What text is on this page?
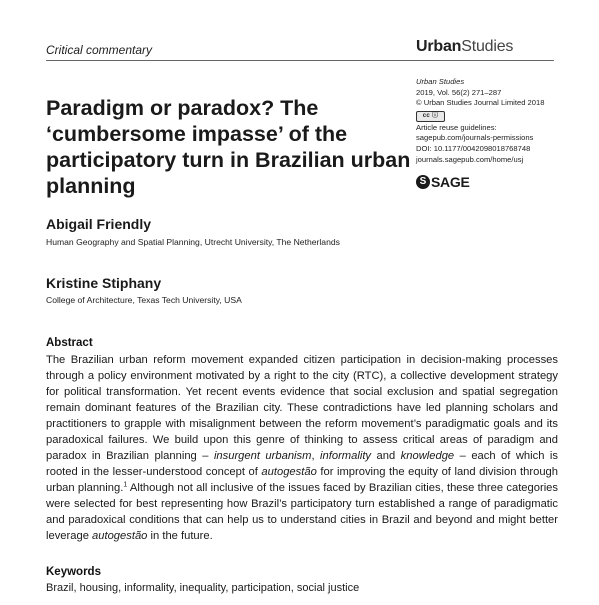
Critical commentary	UrbanStudies
Paradigm or paradox? The ‘cumbersome impasse’ of the participatory turn in Brazilian urban planning
Urban Studies
2019, Vol. 56(2) 271–287
© Urban Studies Journal Limited 2018
cc ⓘ
Article reuse guidelines:
sagepub.com/journals-permissions
DOI: 10.1177/0042098018768748
journals.sagepub.com/home/usj
S SAGE
Abigail Friendly
Human Geography and Spatial Planning, Utrecht University, The Netherlands
Kristine Stiphany
College of Architecture, Texas Tech University, USA
Abstract
The Brazilian urban reform movement expanded citizen participation in decision-making processes through a policy environment motivated by a right to the city (RTC), a collective development strategy for political transformation. Yet recent events evidence that social exclusion and spatial segregation remain dominant features of the Brazilian city. These contradictions have led planning scholars and practitioners to grapple with misalignment between the reform movement’s paradigmatic goals and its paradoxical failures. We build upon this genre of thinking to assess critical areas of paradigm and paradox in Brazilian planning – insurgent urbanism, informality and knowledge – each of which is rooted in the lesser-understood concept of autogestão for improving the equity of land division through urban planning.$^1$ Although not all inclusive of the issues faced by Brazilian cities, these three categories were selected for best representing how Brazil’s participatory turn established a range of paradigmatic and paradoxical conditions that can help us to understand cities in Brazil and beyond and might better leverage autogestão in the future.
Keywords
Brazil, housing, informality, inequality, participation, social justice
